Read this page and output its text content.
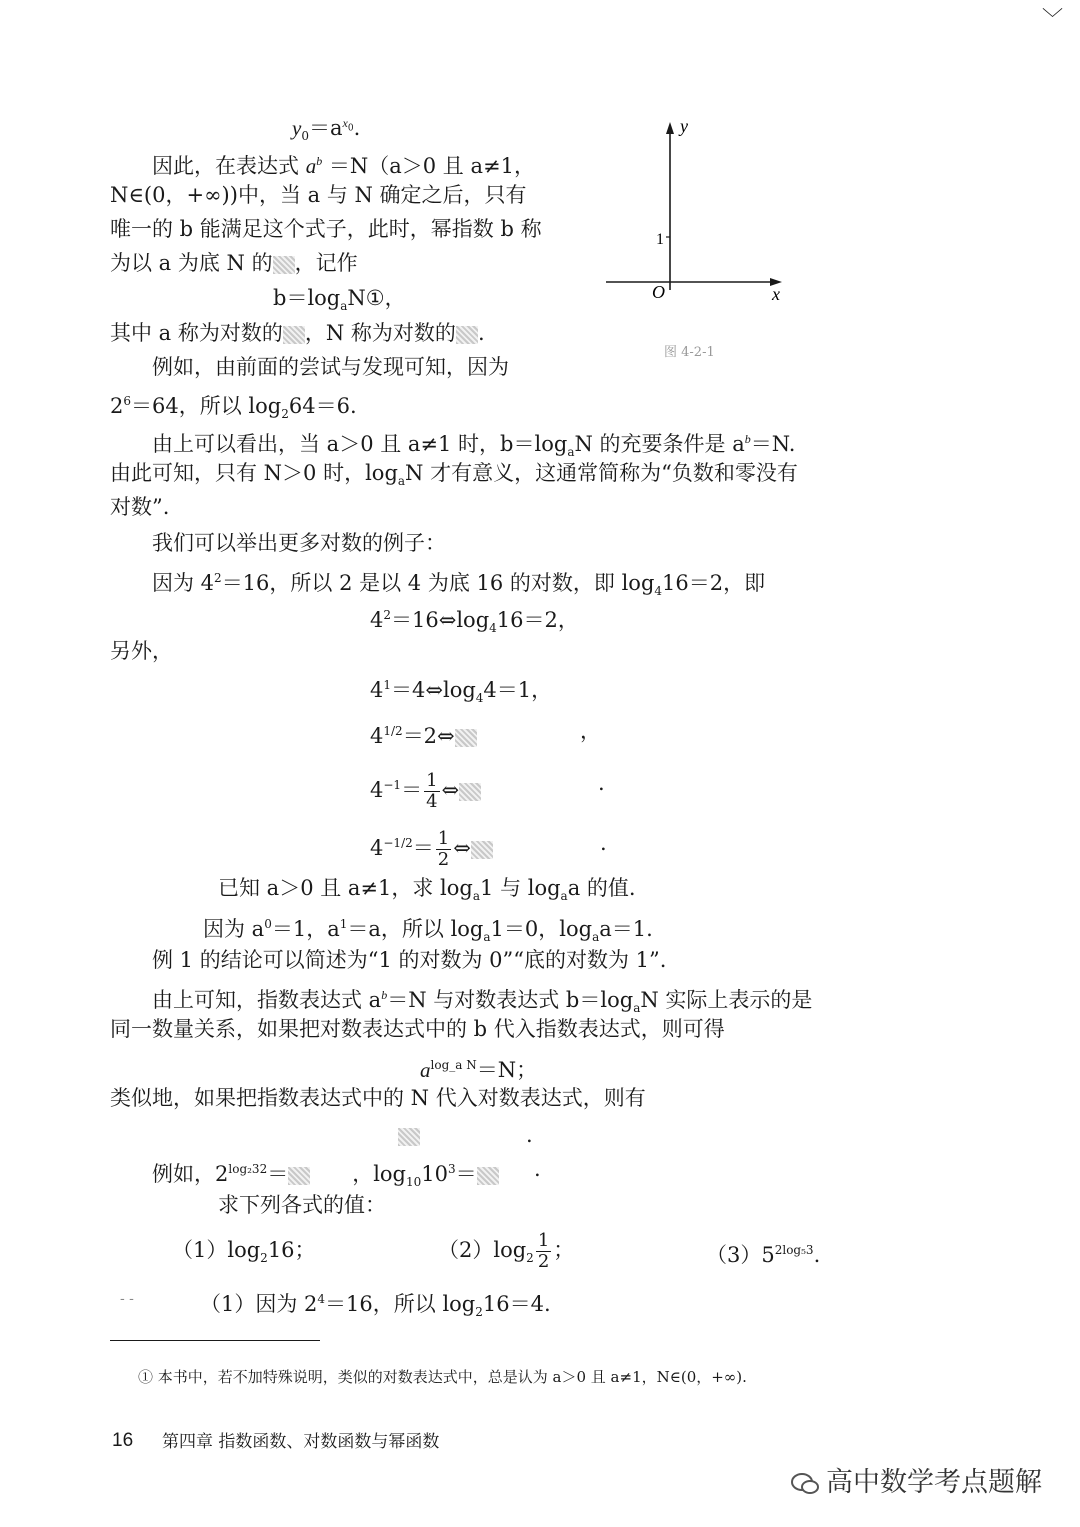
﹀
$y_0=a^{x_0}$.
因此，在表达式 $a^b =N(a>0$ 且 a≠1，
N∈(0，+∞))中，当 a 与 N 确定之后，只有
唯一的 b 能满足这个式子，此时，幂指数 b 称
为以 a 为底 N 的 ，记作
$b=\log_aN①$，
其中 a 称为对数的 ，N 称为对数的 .
例如，由前面的尝试与发现可知，因为
$2^6=64$，所以 $\log_264=6$.
y
x
O
1
图 4-2-1
由上可以看出，当 a＞0 且 a≠1 时，$b=\log_aN$ 的充要条件是 $a^b=N$.
由此可知，只有 N＞0 时，$\log_aN$ 才有意义，这通常简称为“负数和零没有
对数”.
我们可以举出更多对数的例子：
因为 $4^2=16$，所以 2 是以 4 为底 16 的对数，即 $\log_416=2$，即
$4^2=16\Leftrightarrow\log_416=2$，
另外，
$4^1=4\Leftrightarrow\log_44=1$，
$4^{1/2}=2\Leftrightarrow$	，
$4^{-1}= \frac{1}{4}$ ⇔	.
$4^{-1/2}= \frac{1}{2}$ ⇔	.
已知 a＞0 且 a≠1，求 $\log_a1$ 与 $\log_aa$ 的值.
因为 $a^0=1$，$a^1=a$，所以 $\log_a1=0$，$\log_aa=1$.
例 1 的结论可以简述为“1 的对数为 0”“底的对数为 1”.
由上可知，指数表达式 $a^b=N$ 与对数表达式 $b=\log_aN$ 实际上表示的是
同一数量关系，如果把对数表达式中的 b 代入指数表达式，则可得
$a^{log\_a N}=N$；
类似地，如果把指数表达式中的 N 代入对数表达式，则有
.
例如，$2^{log_232}=$	，$\log_{10}10^3=$	.
求下列各式的值：
$(1)\log_216$；	$(2)\log_2 \frac{1}{2}$ ；	$(3)5^{2log_53}$.
- -	（1）因为 $2^4=16$，所以 $\log_216=4$.
① 本书中，若不加特殊说明，类似的对数表达式中，总是认为 a＞0 且 a≠1，N∈(0，+∞).
16 第四章 指数函数、对数函数与幂函数
高中数学考点题解
